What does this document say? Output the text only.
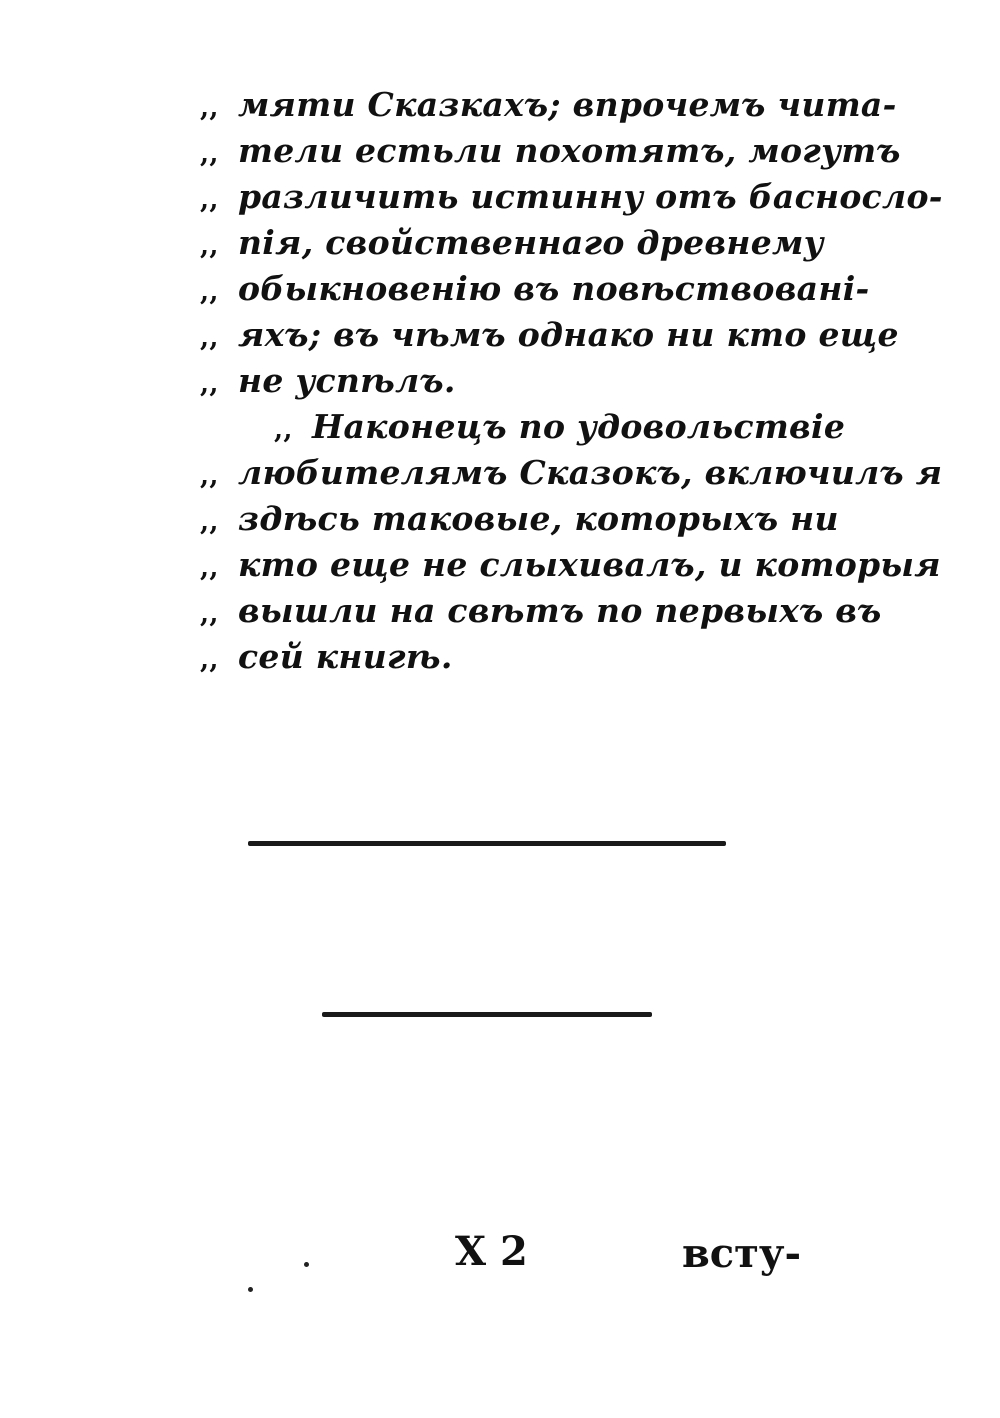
,, мяти Сказкахъ; впрочемъ чита-
,, тели естьли похотятъ, могутъ
,, различить истинну отъ басносло-
,, пія, свойственнаго древнему
,, обыкновенію въ повѣствовані-
,, яхъ; въ чѣмъ однако ни кто еще
,, не успѣлъ.
,, Наконецъ по удовольствіе
,, любителямъ Сказокъ, включилъ я
,, здѣсь таковые, которыхъ ни
,, кто еще не слыхивалъ, и которыя
,, вышли на свѣтъ по первыхъ въ
,, сей книгѣ.
X 2	всту-
